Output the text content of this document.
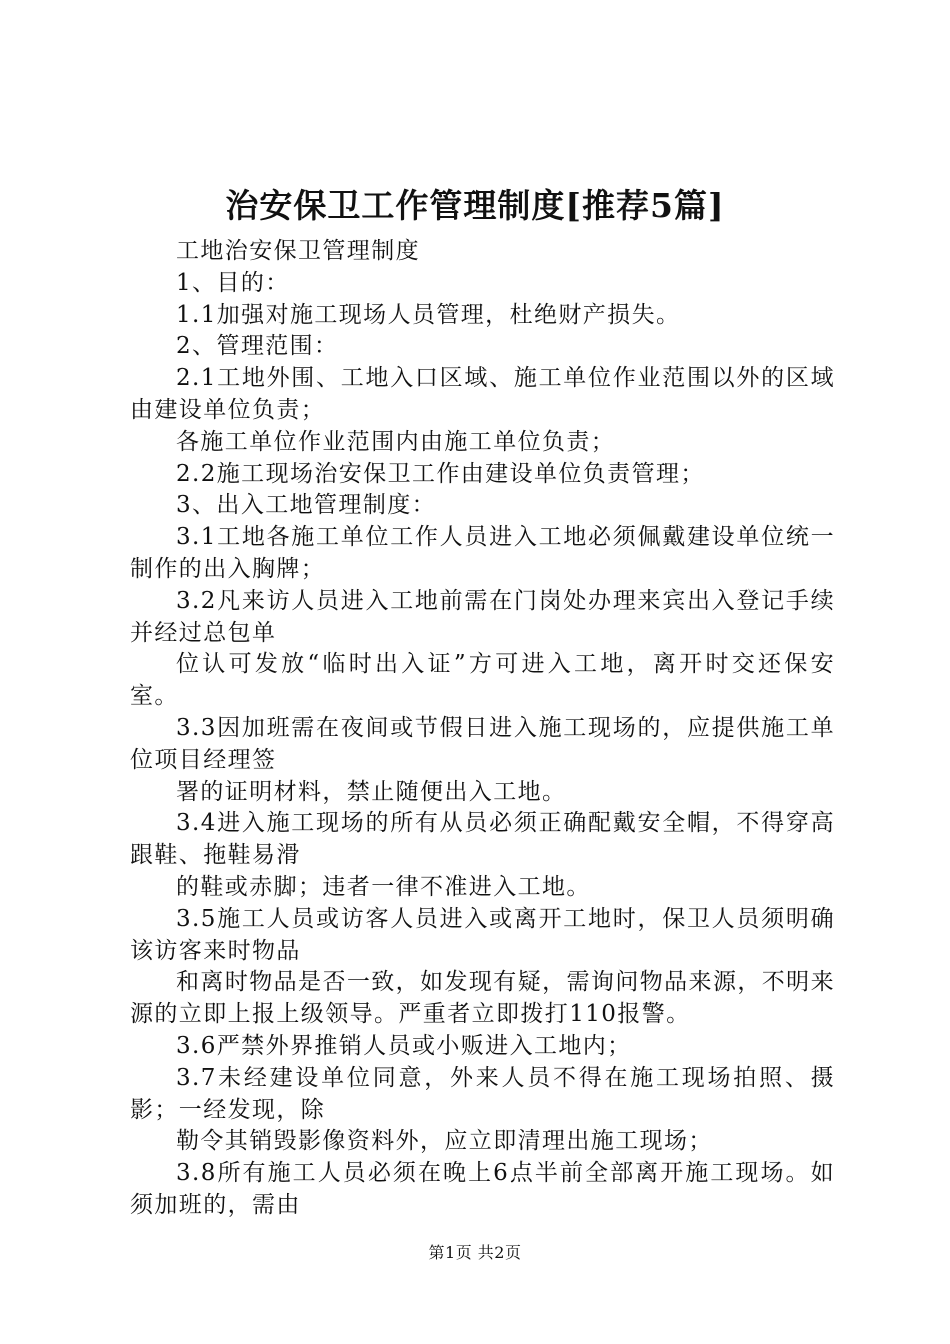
治安保卫工作管理制度[推荐5篇]

工地治安保卫管理制度

1、目的：

1.1加强对施工现场人员管理，杜绝财产损失。

2、管理范围：

2.1工地外围、工地入口区域、施工单位作业范围以外的区域由建设单位负责；

各施工单位作业范围内由施工单位负责；

2.2施工现场治安保卫工作由建设单位负责管理；

3、出入工地管理制度：

3.1工地各施工单位工作人员进入工地必须佩戴建设单位统一制作的出入胸牌；

3.2凡来访人员进入工地前需在门岗处办理来宾出入登记手续并经过总包单

位认可发放“临时出入证”方可进入工地，离开时交还保安室。

3.3因加班需在夜间或节假日进入施工现场的，应提供施工单位项目经理签

署的证明材料，禁止随便出入工地。

3.4进入施工现场的所有从员必须正确配戴安全帽，不得穿高跟鞋、拖鞋易滑

的鞋或赤脚；违者一律不准进入工地。

3.5施工人员或访客人员进入或离开工地时，保卫人员须明确该访客来时物品

和离时物品是否一致，如发现有疑，需询问物品来源，不明来源的立即上报上级领导。严重者立即拨打110报警。

3.6严禁外界推销人员或小贩进入工地内；

3.7未经建设单位同意，外来人员不得在施工现场拍照、摄影；一经发现，除

勒令其销毁影像资料外，应立即清理出施工现场；

3.8所有施工人员必须在晚上6点半前全部离开施工现场。如须加班的，需由

第1页 共2页
